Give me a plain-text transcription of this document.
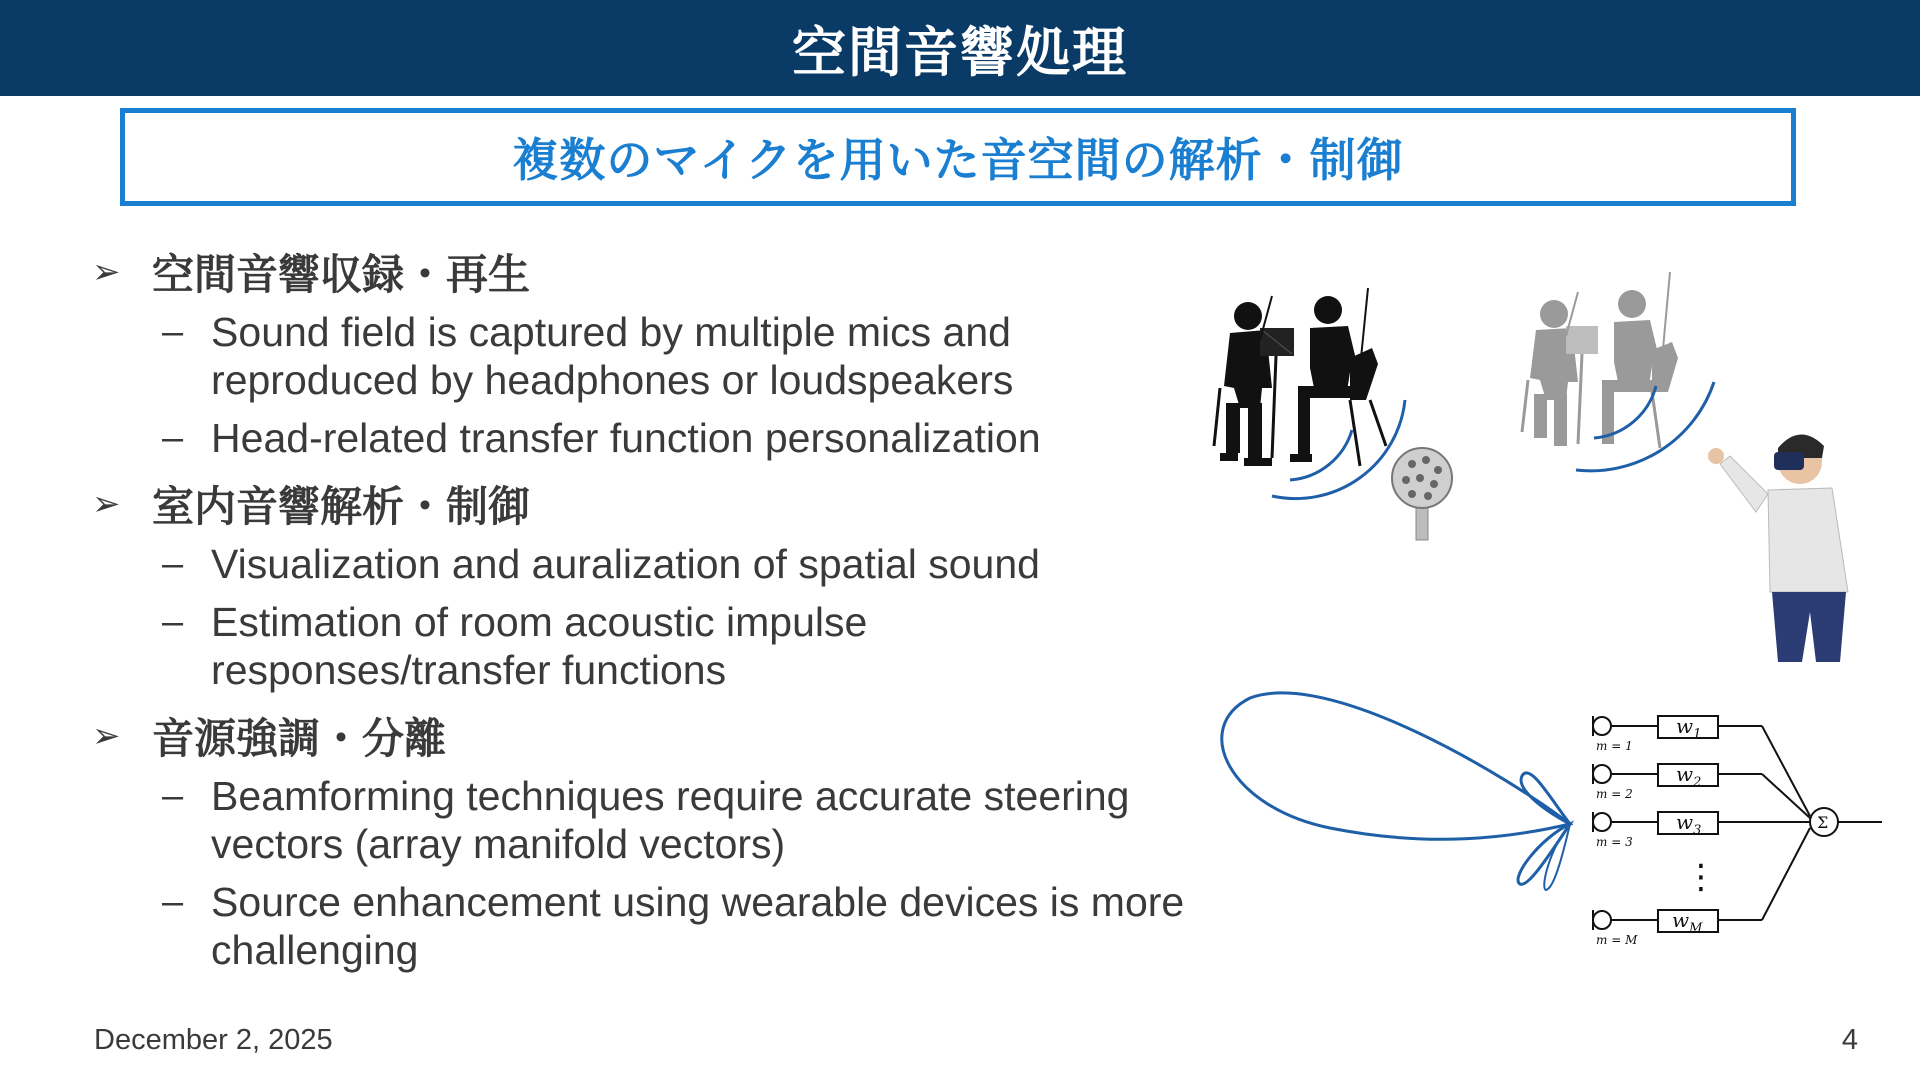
空間音響処理
複数のマイクを用いた音空間の解析・制御
➢ 空間音響収録・再生
– Sound field is captured by multiple mics and reproduced by headphones or loudspeakers
– Head-related transfer function personalization
➢ 室内音響解析・制御
– Visualization and auralization of spatial sound
– Estimation of room acoustic impulse responses/transfer functions
➢ 音源強調・分離
– Beamforming techniques require accurate steering vectors (array manifold vectors)
– Source enhancement using wearable devices is more challenging
$w_1$
$w_2$
$w_3$
$w_M$
m = 1
m = 2
m = 3
m = M
Σ
⋮
December 2, 2025	4
